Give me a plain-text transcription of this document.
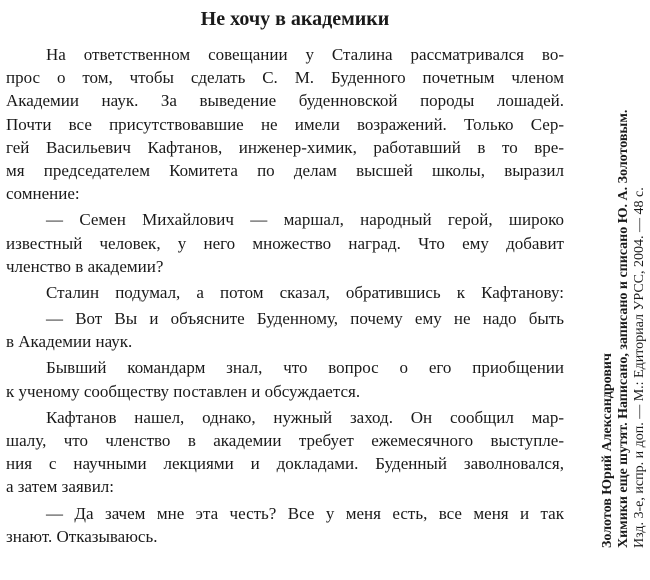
Не хочу в академики
На ответственном совещании у Сталина рассматривался во-
прос о том, чтобы сделать С. М. Буденного почетным членом
Академии наук. За выведение буденновской породы лошадей.
Почти все присутствовавшие не имели возражений. Только Сер-
гей Васильевич Кафтанов, инженер-химик, работавший в то вре-
мя председателем Комитета по делам высшей школы, выразил
сомнение:
— Семен Михайлович — маршал, народный герой, широко
известный человек, у него множество наград. Что ему добавит
членство в академии?
Сталин подумал, а потом сказал, обратившись к Кафтанову:
— Вот Вы и объясните Буденному, почему ему не надо быть
в Академии наук.
Бывший командарм знал, что вопрос о его приобщении
к ученому сообществу поставлен и обсуждается.
Кафтанов нашел, однако, нужный заход. Он сообщил мар-
шалу, что членство в академии требует ежемесячного выступле-
ния с научными лекциями и докладами. Буденный заволновался,
а затем заявил:
— Да зачем мне эта честь? Все у меня есть, все меня и так
знают. Отказываюсь.	Золотов Юрий Александрович Химики еще шутят. Написано, записано и списано Ю. А. Золотовым. Изд. 3-е, испр. и доп. — М.: Едиториал УРСС, 2004. — 48 с.
